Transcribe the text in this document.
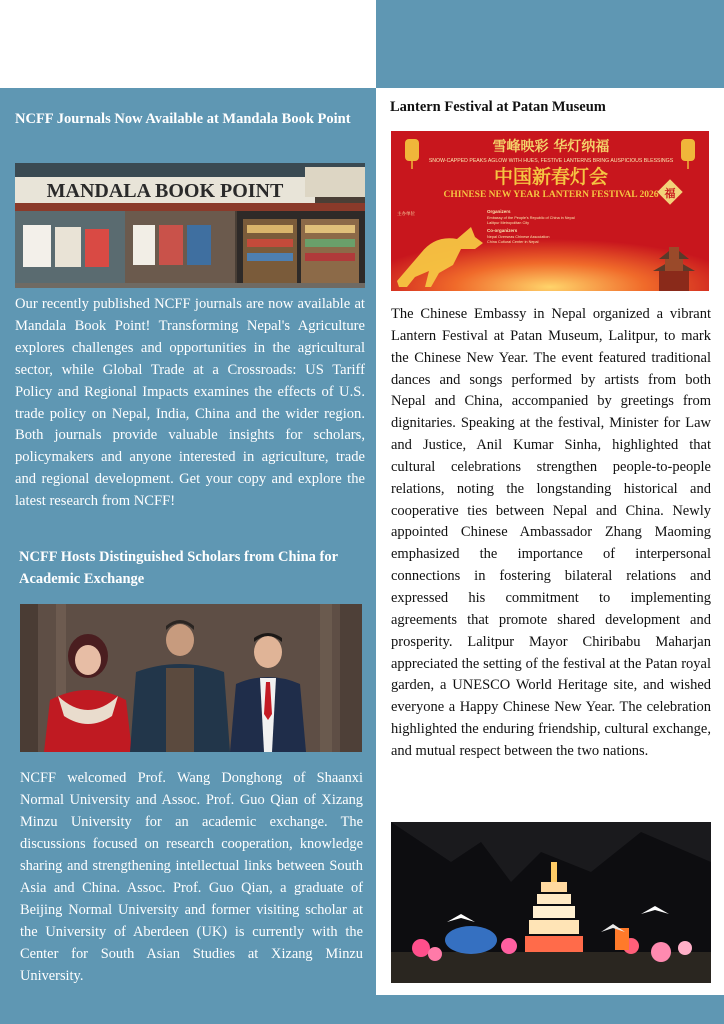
NCFF Journals Now Available at Mandala Book Point
MANDALA BOOK POINT

Our recently published NCFF journals are now available at Mandala Book Point! Transforming Nepal's Agriculture explores challenges and opportunities in the agricultural sector, while Global Trade at a Crossroads: US Tariff Policy and Regional Impacts examines the effects of U.S. trade policy on Nepal, India, China and the wider region. Both journals provide valuable insights for scholars, policymakers and anyone interested in agriculture, trade and regional development. Get your copy and explore the latest research from NCFF!

NCFF Hosts Distinguished Scholars from China for Academic Exchange

NCFF welcomed Prof. Wang Donghong of Shaanxi Normal University and Assoc. Prof. Guo Qian of Xizang Minzu University for an academic exchange. The discussions focused on research cooperation, knowledge sharing and strengthening intellectual links between South Asia and China. Assoc. Prof. Guo Qian, a graduate of Beijing Normal University and former visiting scholar at the University of Aberdeen (UK) is currently with the Center for South Asian Studies at Xizang Minzu University.

Lantern Festival at Patan Museum
雪峰映彩 华灯纳福
SNOW-CAPPED PEAKS AGLOW WITH HUES, FESTIVE LANTERNS BRING AUSPICIOUS BLESSINGS
中国新春灯会
CHINESE NEW YEAR LANTERN FESTIVAL 2026 福
主办单位	Organizers
Embassy of the People's Republic of China in Nepal
Lalitpur Metropolitan City
Co-organizers
Nepal Overseas Chinese Association
China Cultural Center in Nepal

The Chinese Embassy in Nepal organized a vibrant Lantern Festival at Patan Museum, Lalitpur, to mark the Chinese New Year. The event featured traditional dances and songs performed by artists from both Nepal and China, accompanied by greetings from dignitaries. Speaking at the festival, Minister for Law and Justice, Anil Kumar Sinha, highlighted that cultural celebrations strengthen people-to-people relations, noting the longstanding historical and cooperative ties between Nepal and China. Newly appointed Chinese Ambassador Zhang Maoming emphasized the importance of interpersonal connections in fostering bilateral relations and expressed his commitment to implementing agreements that promote shared development and prosperity. Lalitpur Mayor Chiribabu Maharjan appreciated the setting of the festival at the Patan royal garden, a UNESCO World Heritage site, and wished everyone a Happy Chinese New Year. The celebration highlighted the enduring friendship, cultural exchange, and mutual respect between the two nations.
